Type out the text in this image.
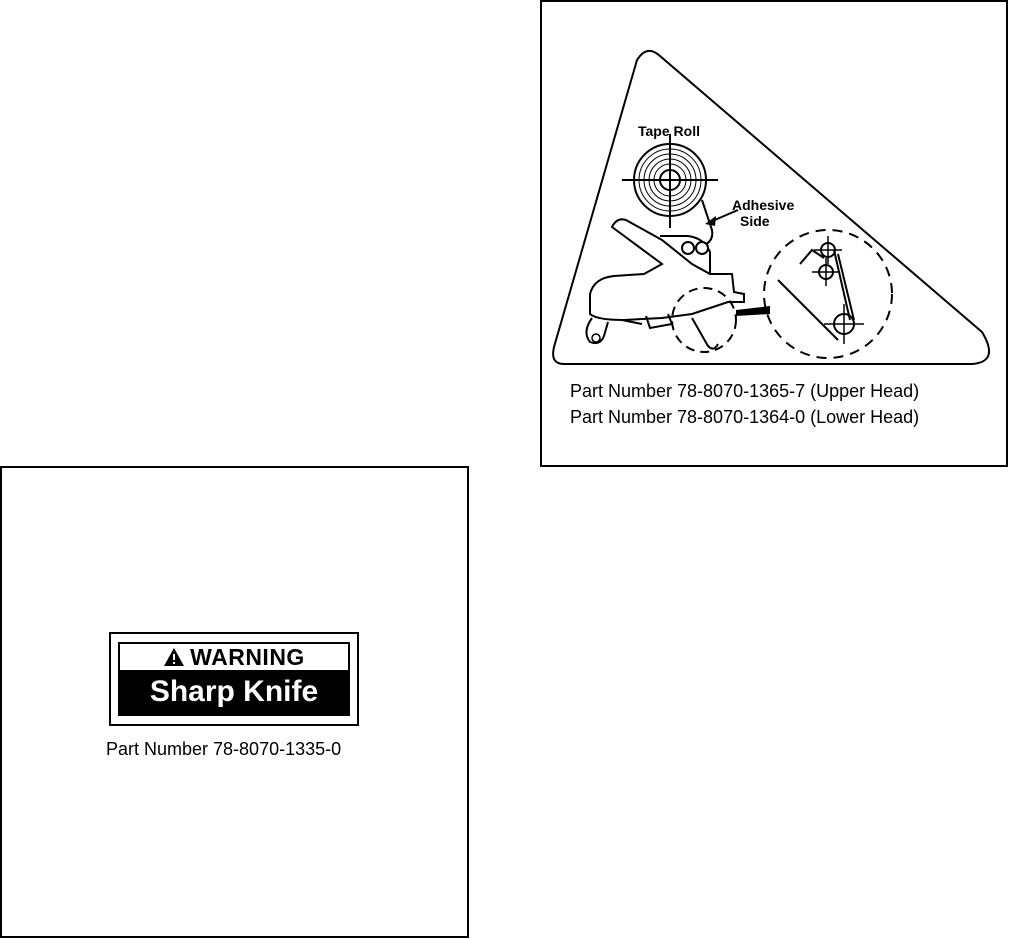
Tape Roll
Adhesive
Side
Part Number 78-8070-1365-7 (Upper Head)
Part Number 78-8070-1364-0 (Lower Head)
WARNING
Sharp Knife
Part Number 78-8070-1335-0
